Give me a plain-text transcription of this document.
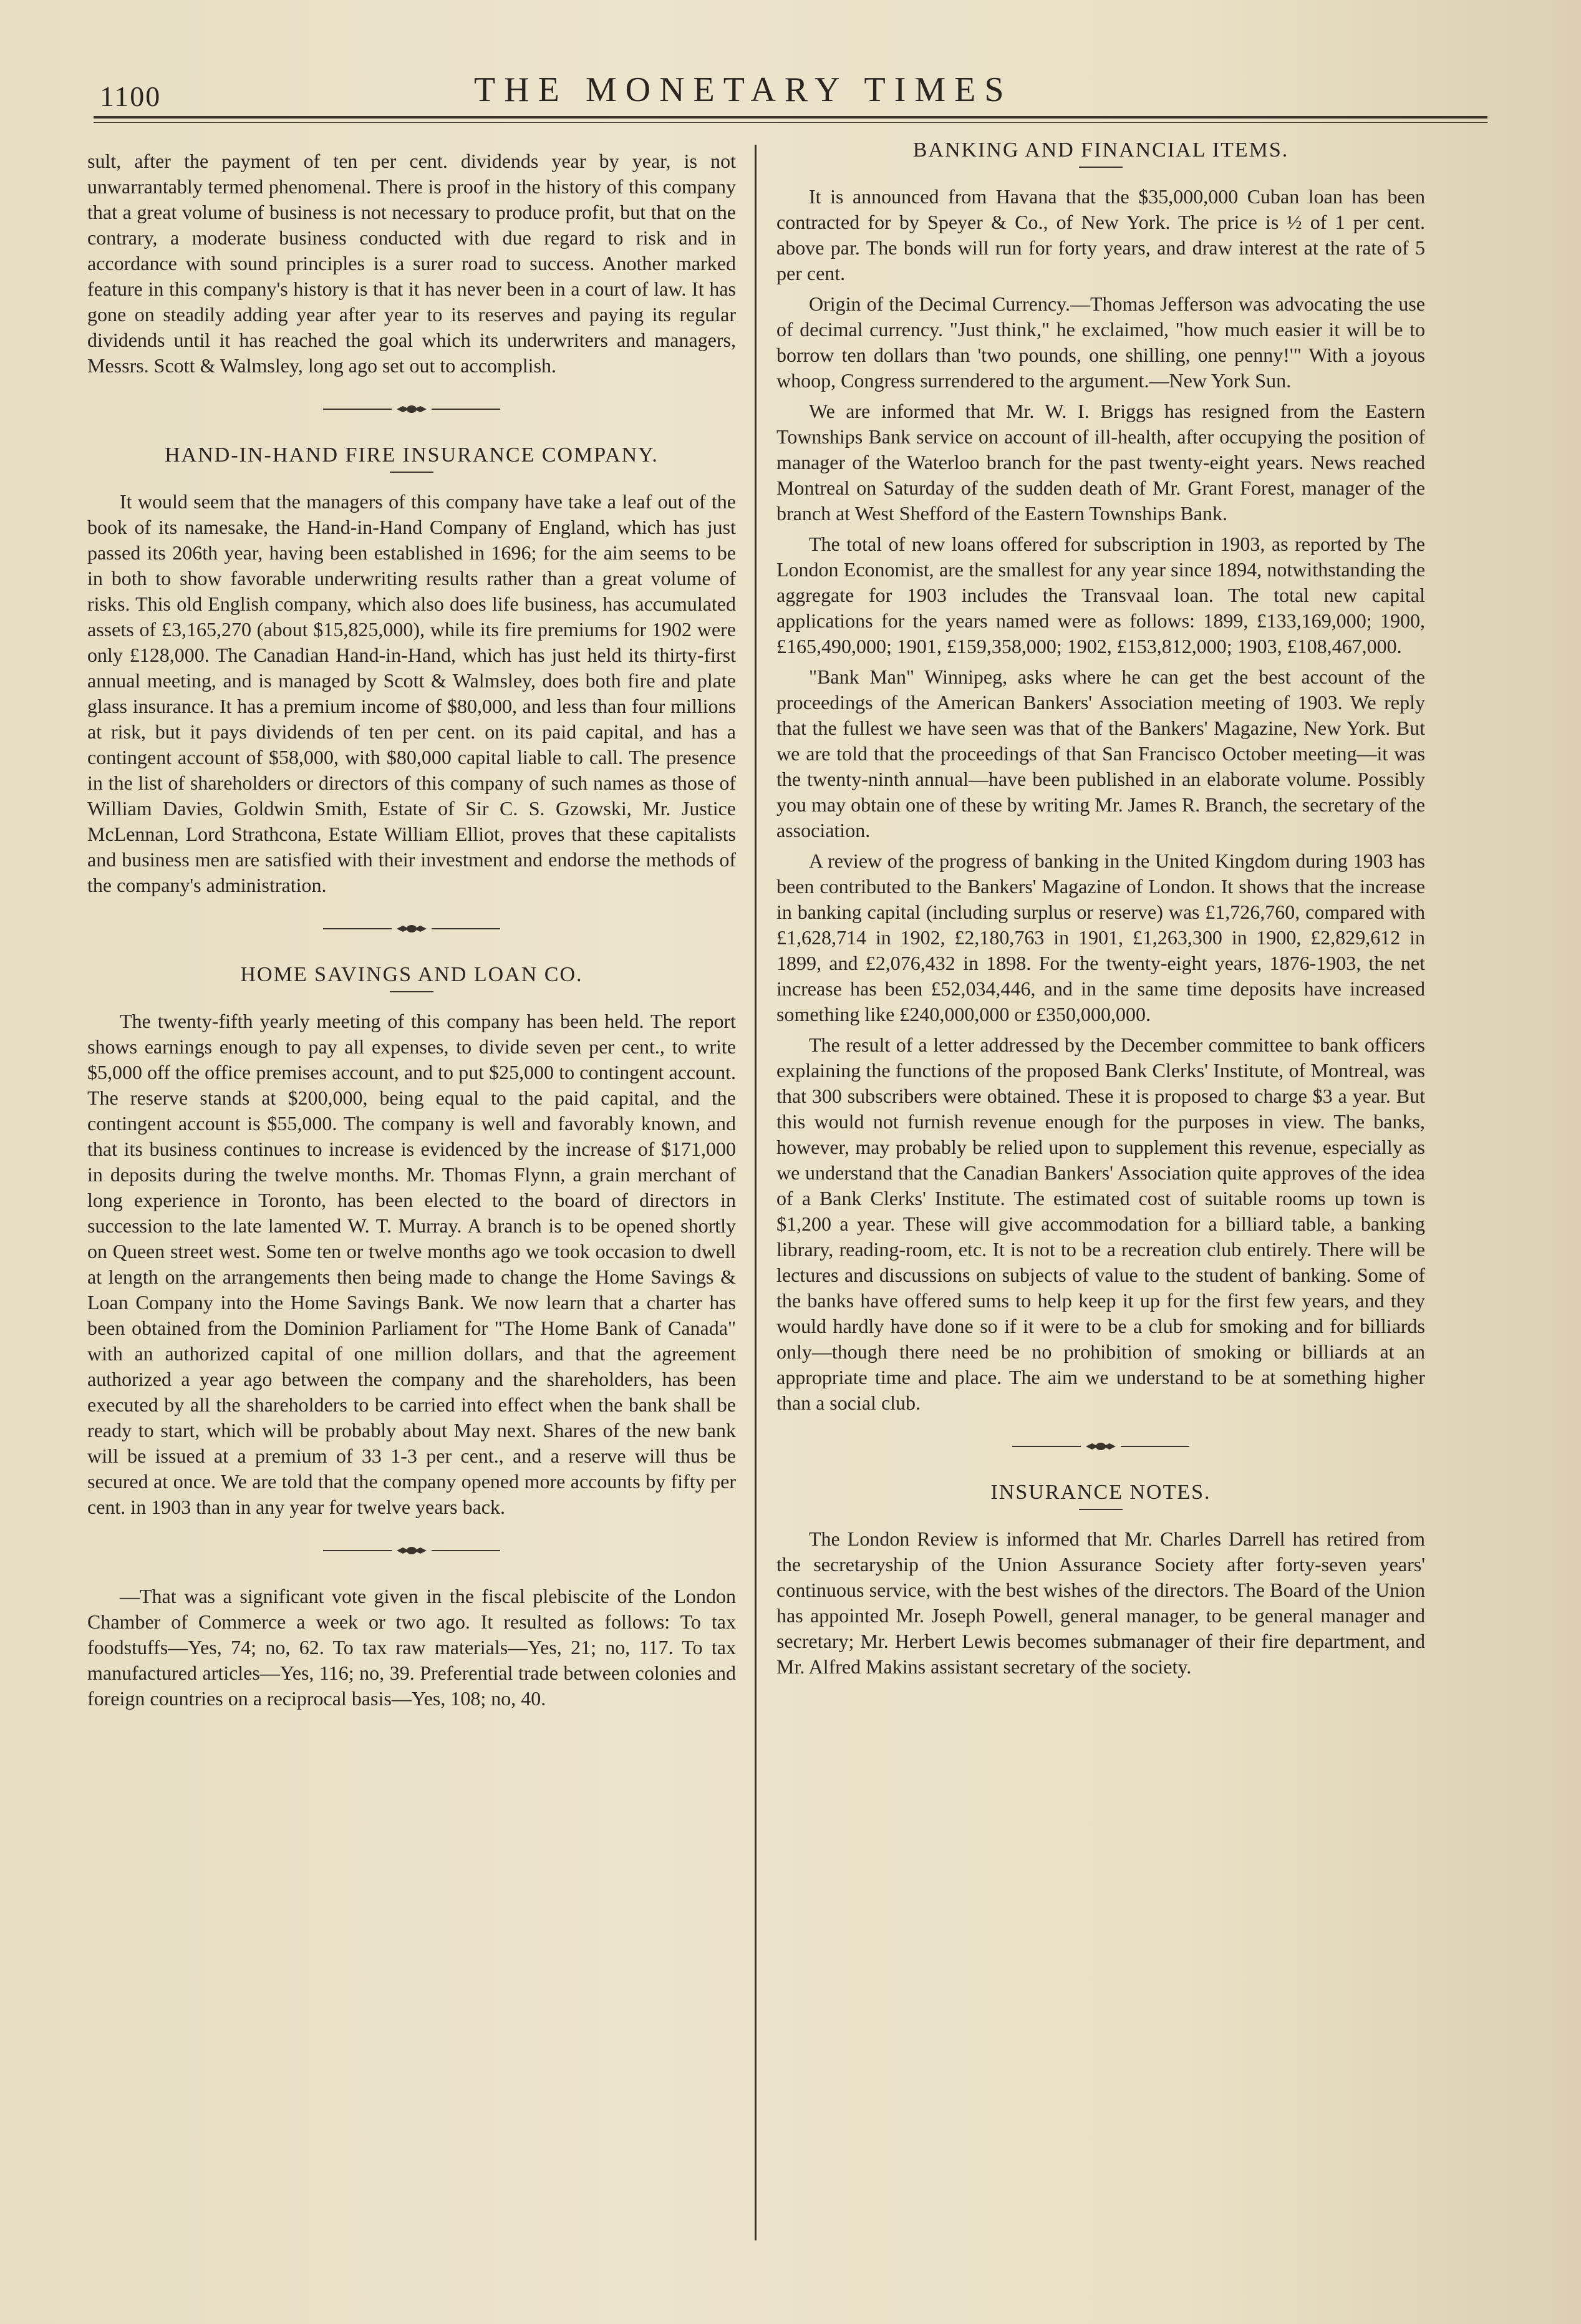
1100	THE MONETARY TIMES

sult, after the payment of ten per cent. dividends year by year, is not unwarrantably termed phenomenal. There is proof in the history of this company that a great volume of business is not necessary to produce profit, but that on the contrary, a moderate business conducted with due regard to risk and in accordance with sound principles is a surer road to success. Another marked feature in this company's history is that it has never been in a court of law. It has gone on steadily adding year after year to its reserves and paying its regular dividends until it has reached the goal which its underwriters and managers, Messrs. Scott & Walmsley, long ago set out to accomplish.

HAND-IN-HAND FIRE INSURANCE COMPANY.

It would seem that the managers of this company have take a leaf out of the book of its namesake, the Hand-in-Hand Company of England, which has just passed its 206th year, having been established in 1696; for the aim seems to be in both to show favorable underwriting results rather than a great volume of risks. This old English company, which also does life business, has accumulated assets of £3,165,270 (about $15,825,000), while its fire premiums for 1902 were only £128,000. The Canadian Hand-in-Hand, which has just held its thirty-first annual meeting, and is managed by Scott & Walmsley, does both fire and plate glass insurance. It has a premium income of $80,000, and less than four millions at risk, but it pays dividends of ten per cent. on its paid capital, and has a contingent account of $58,000, with $80,000 capital liable to call. The presence in the list of shareholders or directors of this company of such names as those of William Davies, Goldwin Smith, Estate of Sir C. S. Gzowski, Mr. Justice McLennan, Lord Strathcona, Estate William Elliot, proves that these capitalists and business men are satisfied with their investment and endorse the methods of the company's administration.

HOME SAVINGS AND LOAN CO.

The twenty-fifth yearly meeting of this company has been held. The report shows earnings enough to pay all expenses, to divide seven per cent., to write $5,000 off the office premises account, and to put $25,000 to contingent account. The reserve stands at $200,000, being equal to the paid capital, and the contingent account is $55,000. The company is well and favorably known, and that its business continues to increase is evidenced by the increase of $171,000 in deposits during the twelve months. Mr. Thomas Flynn, a grain merchant of long experience in Toronto, has been elected to the board of directors in succession to the late lamented W. T. Murray. A branch is to be opened shortly on Queen street west. Some ten or twelve months ago we took occasion to dwell at length on the arrangements then being made to change the Home Savings & Loan Company into the Home Savings Bank. We now learn that a charter has been obtained from the Dominion Parliament for "The Home Bank of Canada" with an authorized capital of one million dollars, and that the agreement authorized a year ago between the company and the shareholders, has been executed by all the shareholders to be carried into effect when the bank shall be ready to start, which will be probably about May next. Shares of the new bank will be issued at a premium of 33 1-3 per cent., and a reserve will thus be secured at once. We are told that the company opened more accounts by fifty per cent. in 1903 than in any year for twelve years back.

—That was a significant vote given in the fiscal plebiscite of the London Chamber of Commerce a week or two ago. It resulted as follows: To tax foodstuffs—Yes, 74; no, 62. To tax raw materials—Yes, 21; no, 117. To tax manufactured articles—Yes, 116; no, 39. Preferential trade between colonies and foreign countries on a reciprocal basis—Yes, 108; no, 40.

BANKING AND FINANCIAL ITEMS.

It is announced from Havana that the $35,000,000 Cuban loan has been contracted for by Speyer & Co., of New York. The price is ½ of 1 per cent. above par. The bonds will run for forty years, and draw interest at the rate of 5 per cent.

Origin of the Decimal Currency.—Thomas Jefferson was advocating the use of decimal currency. "Just think," he exclaimed, "how much easier it will be to borrow ten dollars than 'two pounds, one shilling, one penny!'" With a joyous whoop, Congress surrendered to the argument.—New York Sun.

We are informed that Mr. W. I. Briggs has resigned from the Eastern Townships Bank service on account of ill-health, after occupying the position of manager of the Waterloo branch for the past twenty-eight years. News reached Montreal on Saturday of the sudden death of Mr. Grant Forest, manager of the branch at West Shefford of the Eastern Townships Bank.

The total of new loans offered for subscription in 1903, as reported by The London Economist, are the smallest for any year since 1894, notwithstanding the aggregate for 1903 includes the Transvaal loan. The total new capital applications for the years named were as follows: 1899, £133,169,000; 1900, £165,490,000; 1901, £159,358,000; 1902, £153,812,000; 1903, £108,467,000.

"Bank Man" Winnipeg, asks where he can get the best account of the proceedings of the American Bankers' Association meeting of 1903. We reply that the fullest we have seen was that of the Bankers' Magazine, New York. But we are told that the proceedings of that San Francisco October meeting—it was the twenty-ninth annual—have been published in an elaborate volume. Possibly you may obtain one of these by writing Mr. James R. Branch, the secretary of the association.

A review of the progress of banking in the United Kingdom during 1903 has been contributed to the Bankers' Magazine of London. It shows that the increase in banking capital (including surplus or reserve) was £1,726,760, compared with £1,628,714 in 1902, £2,180,763 in 1901, £1,263,300 in 1900, £2,829,612 in 1899, and £2,076,432 in 1898. For the twenty-eight years, 1876-1903, the net increase has been £52,034,446, and in the same time deposits have increased something like £240,000,000 or £350,000,000.

The result of a letter addressed by the December committee to bank officers explaining the functions of the proposed Bank Clerks' Institute, of Montreal, was that 300 subscribers were obtained. These it is proposed to charge $3 a year. But this would not furnish revenue enough for the purposes in view. The banks, however, may probably be relied upon to supplement this revenue, especially as we understand that the Canadian Bankers' Association quite approves of the idea of a Bank Clerks' Institute. The estimated cost of suitable rooms up town is $1,200 a year. These will give accommodation for a billiard table, a banking library, reading-room, etc. It is not to be a recreation club entirely. There will be lectures and discussions on subjects of value to the student of banking. Some of the banks have offered sums to help keep it up for the first few years, and they would hardly have done so if it were to be a club for smoking and for billiards only—though there need be no prohibition of smoking or billiards at an appropriate time and place. The aim we understand to be at something higher than a social club.

INSURANCE NOTES.

The London Review is informed that Mr. Charles Darrell has retired from the secretaryship of the Union Assurance Society after forty-seven years' continuous service, with the best wishes of the directors. The Board of the Union has appointed Mr. Joseph Powell, general manager, to be general manager and secretary; Mr. Herbert Lewis becomes submanager of their fire department, and Mr. Alfred Makins assistant secretary of the society.
